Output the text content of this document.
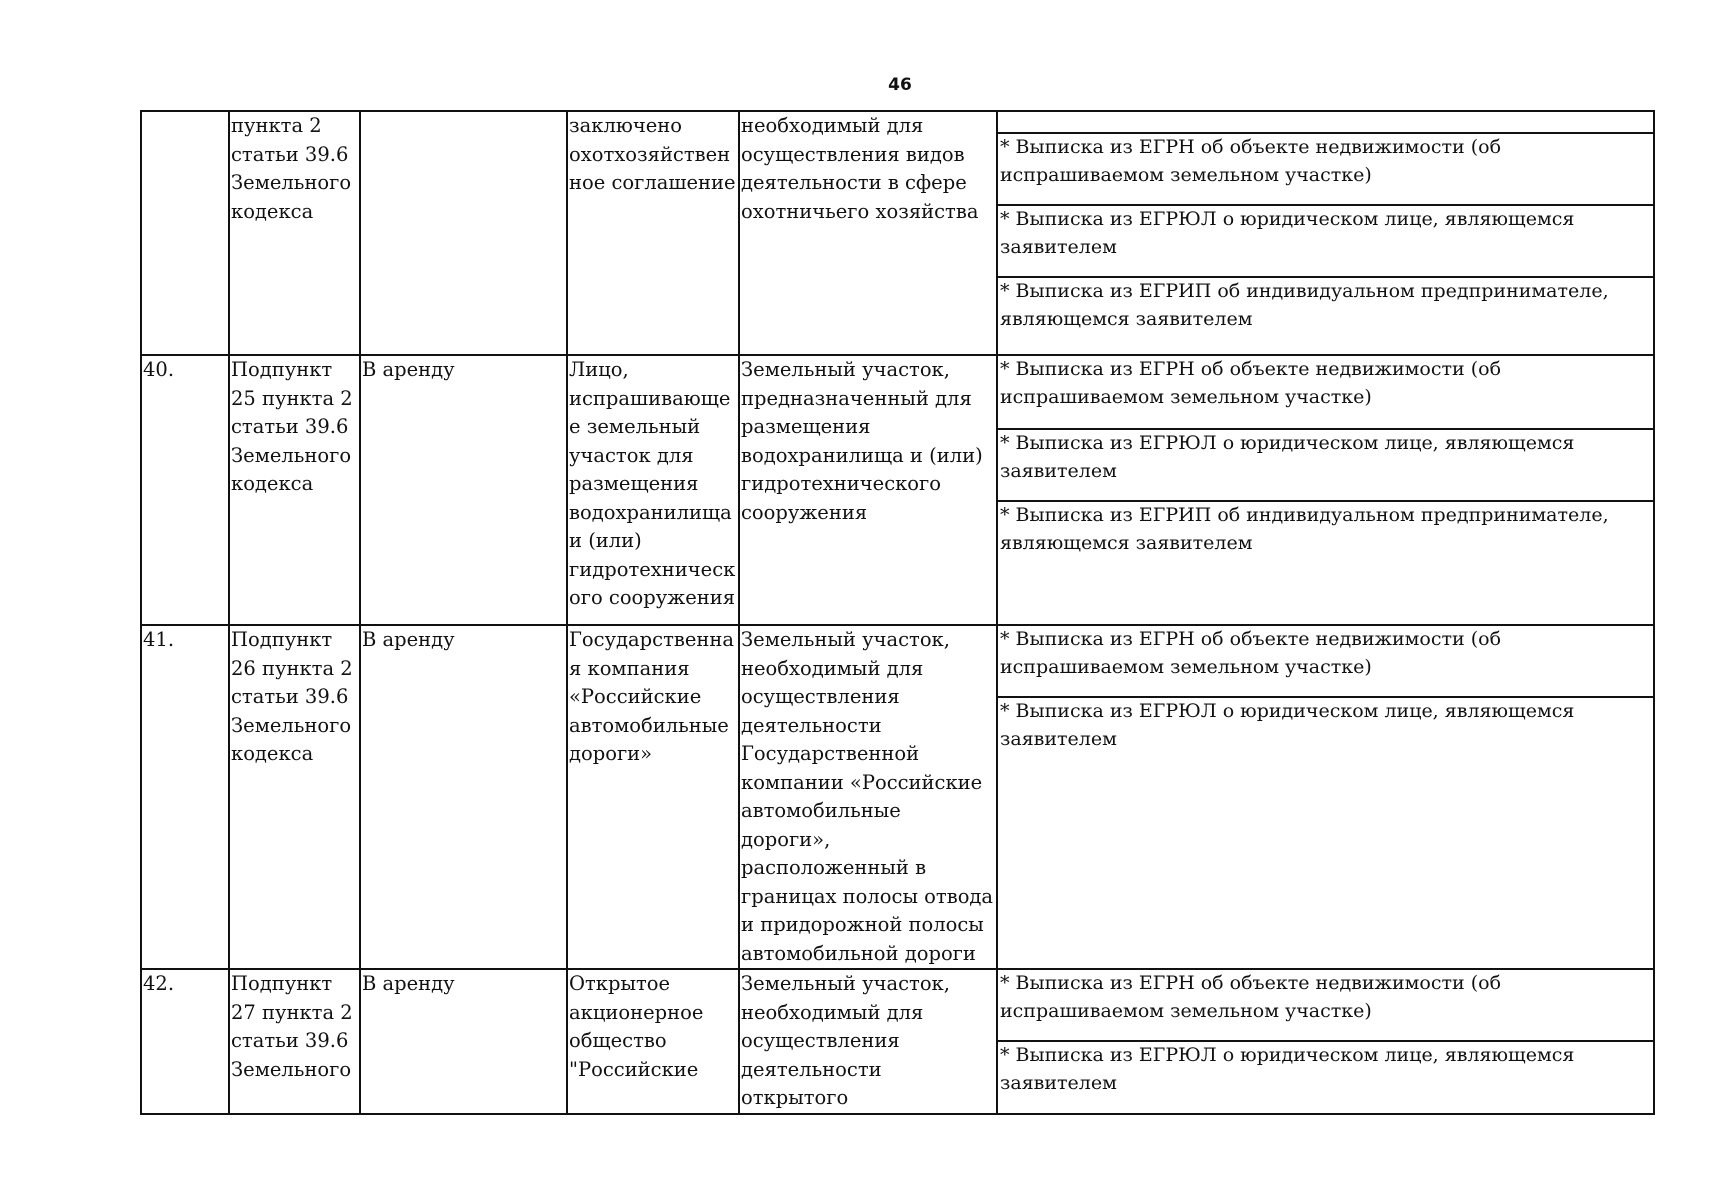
46
	пункта 2 статьи 39.6 Земельного кодекса		заключено охотхозяйственное соглашение	необходимый для осуществления видов деятельности в сфере охотничьего хозяйства	* Выписка из ЕГРН об объекте недвижимости (об испрашиваемом земельном участке)
* Выписка из ЕГРЮЛ о юридическом лице, являющемся заявителем
* Выписка из ЕГРИП об индивидуальном предпринимателе, являющемся заявителем

40.	Подпункт 25 пункта 2 статьи 39.6 Земельного кодекса	В аренду	Лицо, испрашивающее земельный участок для размещения водохранилища и (или) гидротехнического сооружения	Земельный участок, предназначенный для размещения водохранилища и (или) гидротехнического сооружения	* Выписка из ЕГРН об объекте недвижимости (об испрашиваемом земельном участке)
* Выписка из ЕГРЮЛ о юридическом лице, являющемся заявителем
* Выписка из ЕГРИП об индивидуальном предпринимателе, являющемся заявителем

41.	Подпункт 26 пункта 2 статьи 39.6 Земельного кодекса	В аренду	Государственная компания «Российские автомобильные дороги»	Земельный участок, необходимый для осуществления деятельности Государственной компании «Российские автомобильные дороги», расположенный в границах полосы отвода и придорожной полосы автомобильной дороги	* Выписка из ЕГРН об объекте недвижимости (об испрашиваемом земельном участке)
* Выписка из ЕГРЮЛ о юридическом лице, являющемся заявителем

42.	Подпункт 27 пункта 2 статьи 39.6 Земельного	В аренду	Открытое акционерное общество "Российские	Земельный участок, необходимый для осуществления деятельности открытого	* Выписка из ЕГРН об объекте недвижимости (об испрашиваемом земельном участке)
* Выписка из ЕГРЮЛ о юридическом лице, являющемся заявителем
